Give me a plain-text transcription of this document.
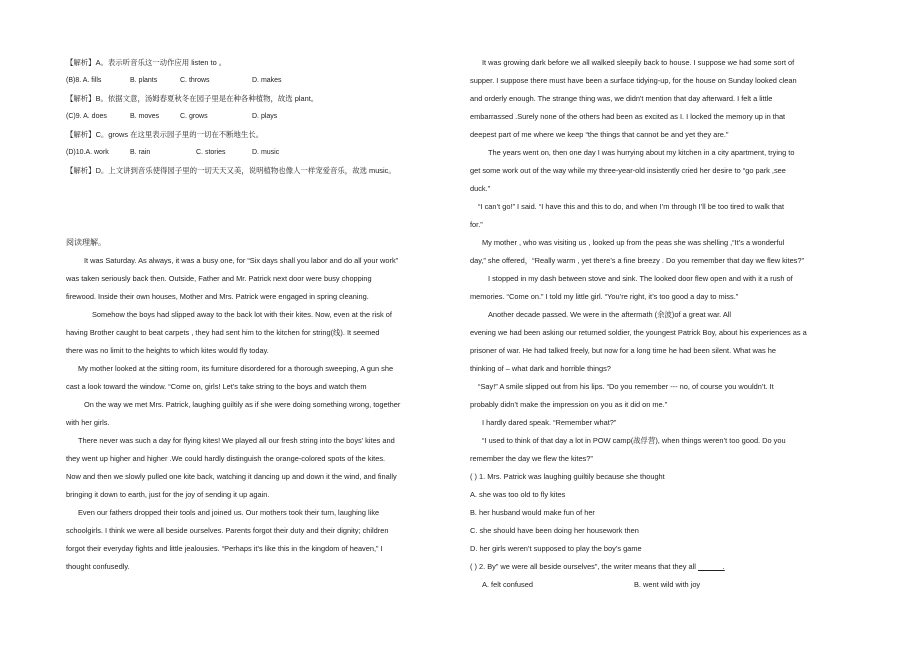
【解析】A。表示听音乐这一动作应用 listen to 。
(B)8. A. fills	B. plants	C. throws	D. makes
【解析】B。依据文意，汤姆春夏秋冬在园子里是在种各种植物，故选 plant。
(C)9. A. does	B. moves	C. grows	D. plays
【解析】C。grows 在这里表示园子里的一切在不断地生长。
(D)10.A. work	B. rain	C. stories	D. music
【解析】D。上文讲到音乐使得园子里的一切天天又美，说明植物也像人一样宠爱音乐，故选 music。
阅读理解。
It was Saturday. As always, it was a busy one, for “Six days shall you labor and do all your work”
was taken seriously back then. Outside, Father and Mr. Patrick next door were busy chopping
firewood. Inside their own houses, Mother and Mrs. Patrick were engaged in spring cleaning.
Somehow the boys had slipped away to the back lot with their kites. Now, even at the risk of
having Brother caught to beat carpets , they had sent him to the kitchen for string(线). It seemed
there was no limit to the heights to which kites would fly today.
My mother looked at the sitting room, its furniture disordered for a thorough sweeping, A gun she
cast a look toward the window. “Come on, girls! Let’s take string to the boys and watch them
On the way we met Mrs. Patrick, laughing guiltily as if she were doing something wrong, together
with her girls.
There never was such a day for flying kites! We played all our fresh string into the boys’ kites and
they went up higher and higher .We could hardly distinguish the orange-colored spots of the kites.
Now and then we slowly pulled one kite back, watching it dancing up and down it the wind, and finally
bringing it down to earth, just for the joy of sending it up again.
Even our fathers dropped their tools and joined us. Our mothers took their turn, laughing like
schoolgirls. I think we were all beside ourselves. Parents forgot their duty and their dignity; children
forgot their everyday fights and little jealousies. “Perhaps it’s like this in the kingdom of heaven,” I
thought confusedly.
It was growing dark before we all walked sleepily back to house. I suppose we had some sort of
supper. I suppose there must have been a surface tidying-up, for the house on Sunday looked clean
and orderly enough. The strange thing was, we didn't mention that day afterward. I felt a little
embarrassed .Surely none of the others had been as excited as I. I locked the memory up in that
deepest part of me where we keep “the things that cannot be and yet they are.”
The years went on, then one day I was hurrying about my kitchen in a city apartment, trying to
get some work out of the way while my three-year-old insistently cried her desire to “go park ,see
duck.”
“I can’t go!” I said. “I have this and this to do, and when I’m through I’ll be too tired to walk that
for.”
My mother , who was visiting us , looked up from the peas she was shelling ,“It’s a wonderful
day,” she offered，“Really warm , yet there’s a fine breezy . Do you remember that day we flew kites?”
I stopped in my dash between stove and sink. The looked door flew open and with it a rush of
memories. “Come on.” I told my little girl. “You’re right, it’s too good a day to miss.”
Another decade passed. We were in the aftermath (余波)of a great war. All
evening we had been asking our returned soldier, the youngest Patrick Boy, about his experiences as a
prisoner of war. He had talked freely, but now for a long time he had been silent. What was he
thinking of – what dark and horrible things?
“Say!” A smile slipped out from his lips. “Do you remember --- no, of course you wouldn’t. It
probably didn’t make the impression on you as it did on me.”
I hardly dared speak. “Remember what?”
“I used to think of that day a lot in POW camp(战俘营), when things weren’t too good. Do you
remember the day we flew the kites?”
( ) 1. Mrs. Patrick was laughing guiltily because she thought
A. she was too old to fly kites
B. her husband would make fun of her
C. she should have been doing her housework then
D. her girls weren’t supposed to play the boy’s game
( ) 2. By” we were all beside ourselves”, the writer means that they all ______.
A. felt confused	B. went wild with joy
